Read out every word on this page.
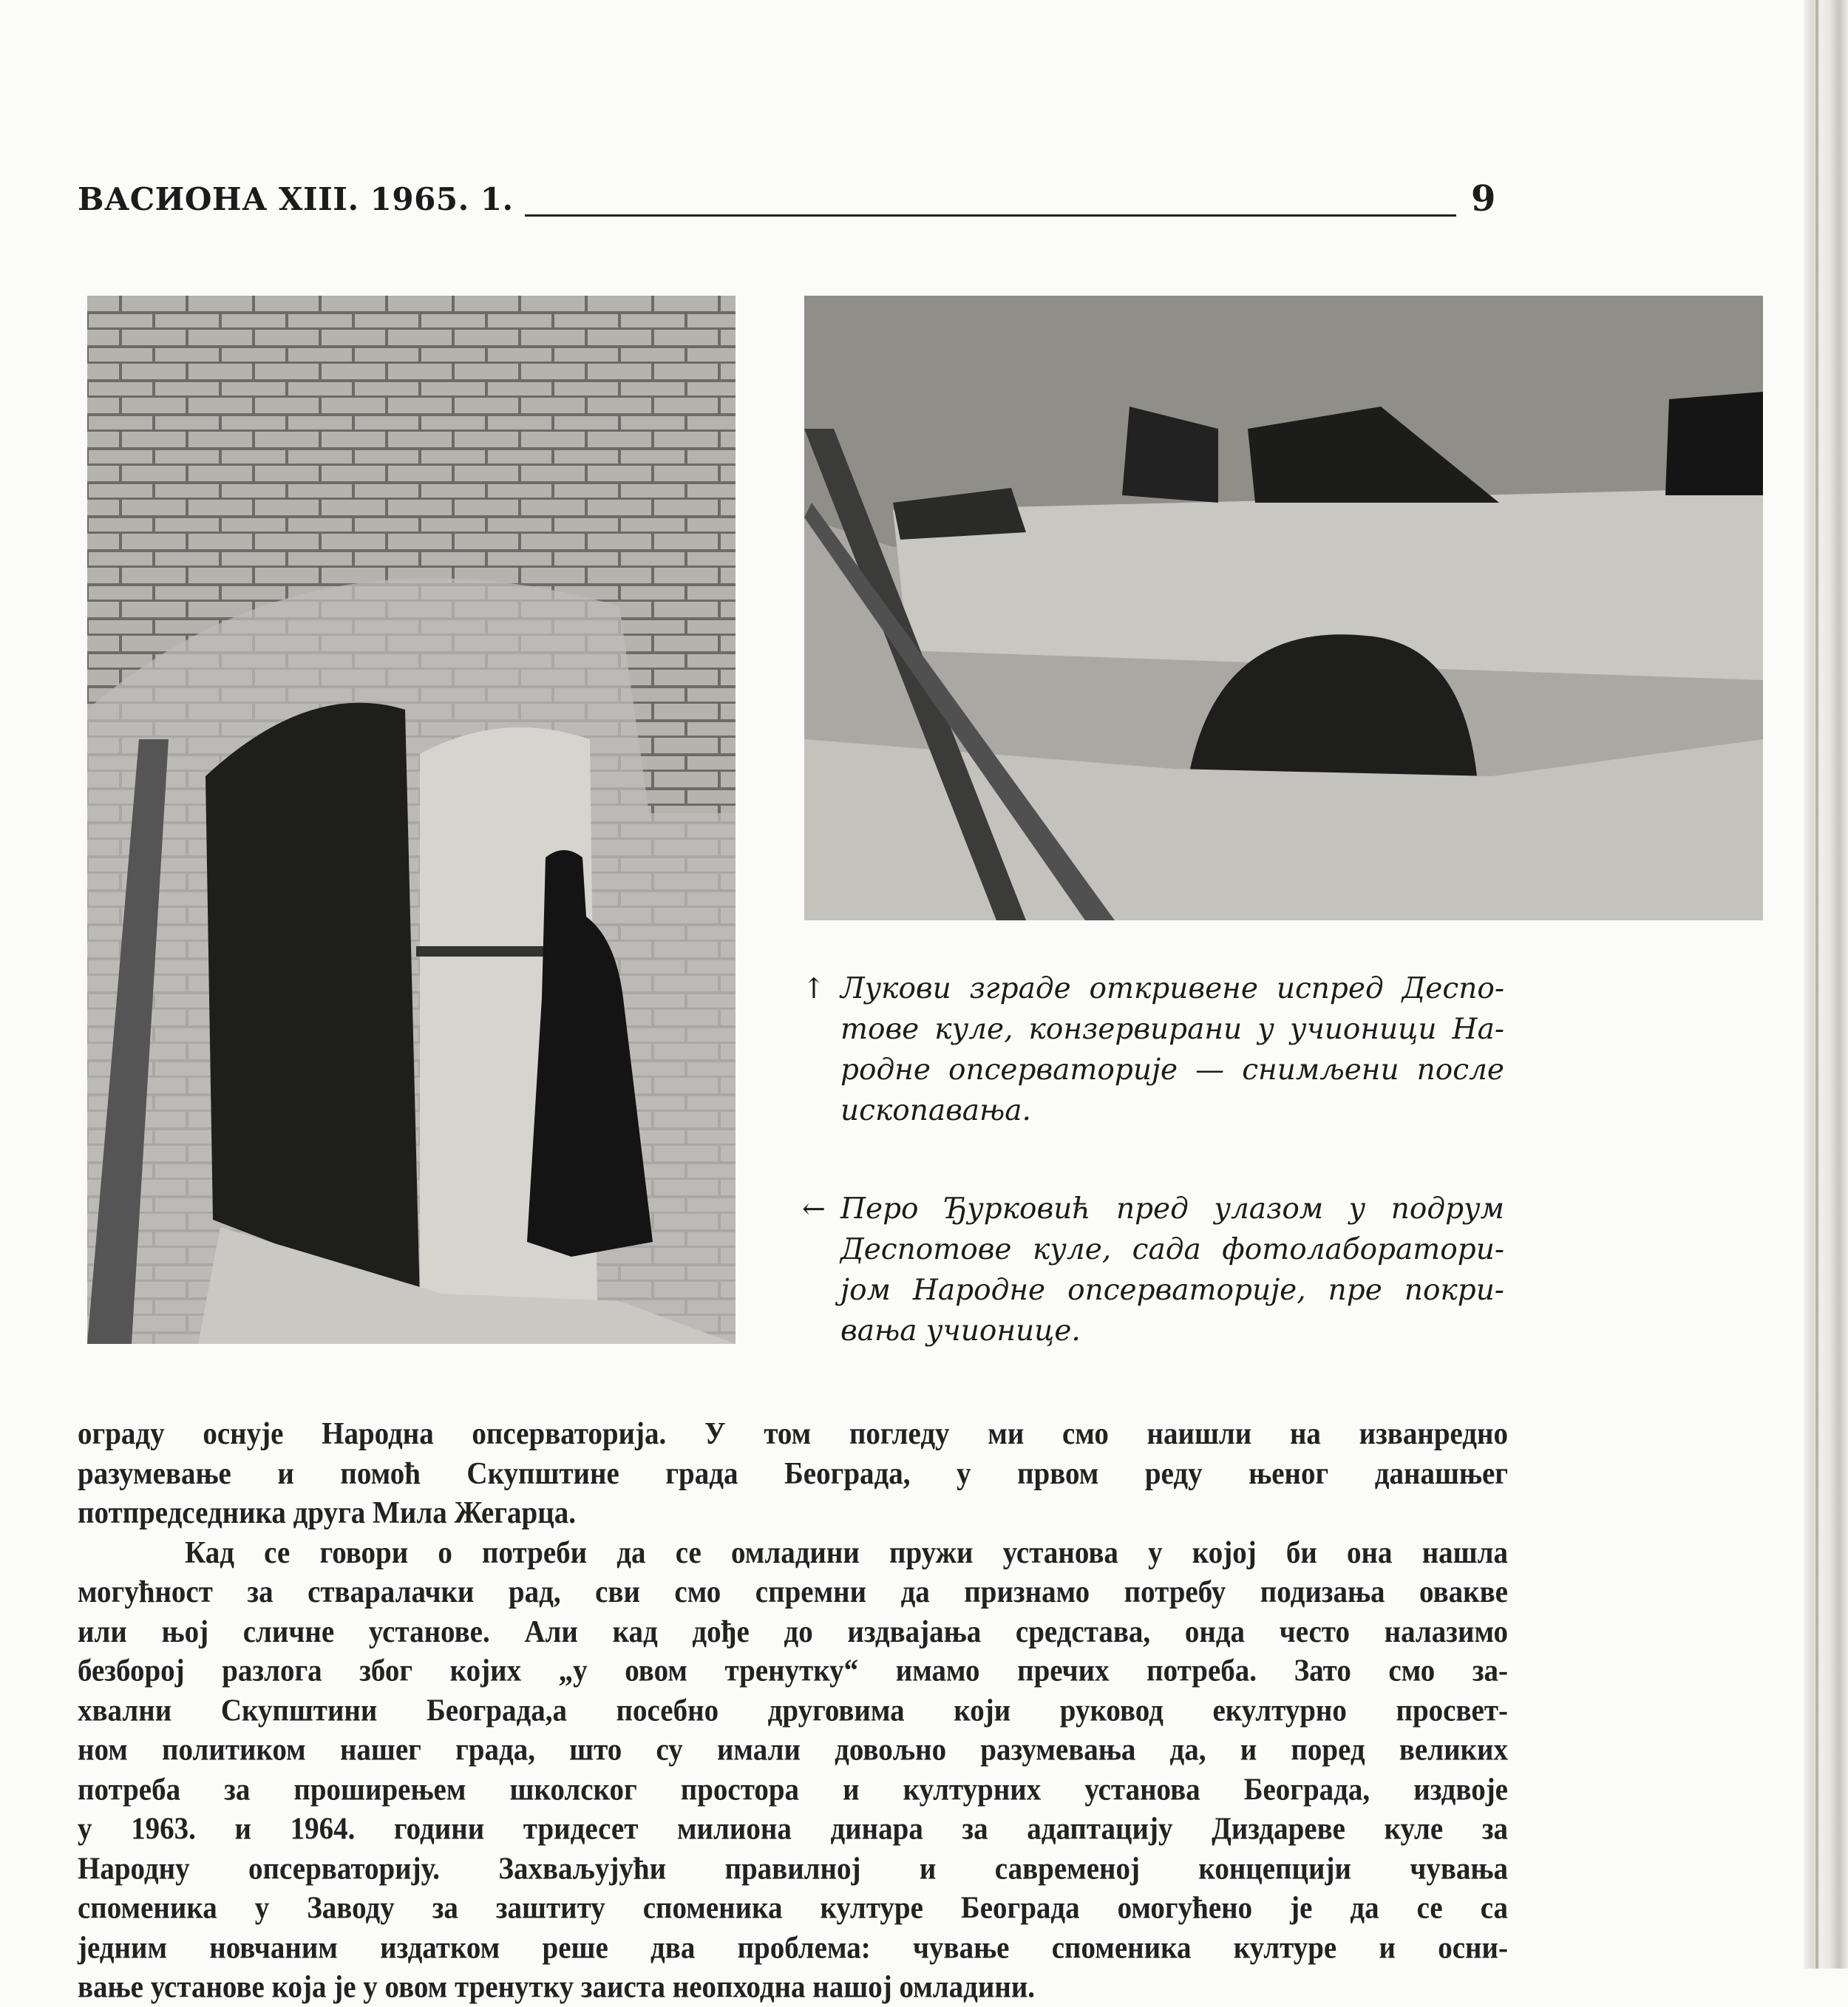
ВАСИОНА XIII. 1965. 1.	9
↑ Лукови зграде откривене испред Деспо-
тове куле, конзервирани у учионици На-
родне опсерваторије — снимљени после
ископавања.
← Перо Ђурковић пред улазом у подрум
Деспотове куле, сада фотолаборатори-
јом Народне опсерваторије, пре покри-
вања учионице.
ограду оснује Народна опсерваторија. У том погледу ми смо наишли на изванредно
разумевање и помоћ Скупштине града Београда, у првом реду њеног данашњег
потпредседника друга Мила Жегарца.
Кад се говори о потреби да се омладини пружи установа у којој би она нашла
могућност за стваралачки рад, сви смо спремни да признамо потребу подизања овакве
или њој сличне установе. Али кад дође до издвајања средстава, онда често налазимо
безборој разлога због којих „у овом тренутку“ имамо пречих потреба. Зато смо за-
хвални Скупштини Београда,а посебно друговима који руковод екултурно просвет-
ном политиком нашег града, што су имали довољно разумевања да, и поред великих
потреба за проширењем школског простора и културних установа Београда, издвоје
у 1963. и 1964. години тридесет милиона динара за адаптацију Диздареве куле за
Народну опсерваторију. Захваљујући правилној и савременој концепцији чувања
споменика у Заводу за заштиту споменика културе Београда омогућено је да се са
једним новчаним издатком реше два проблема: чување споменика културе и осни-
вање установе која је у овом тренутку заиста неопходна нашој омладини.
